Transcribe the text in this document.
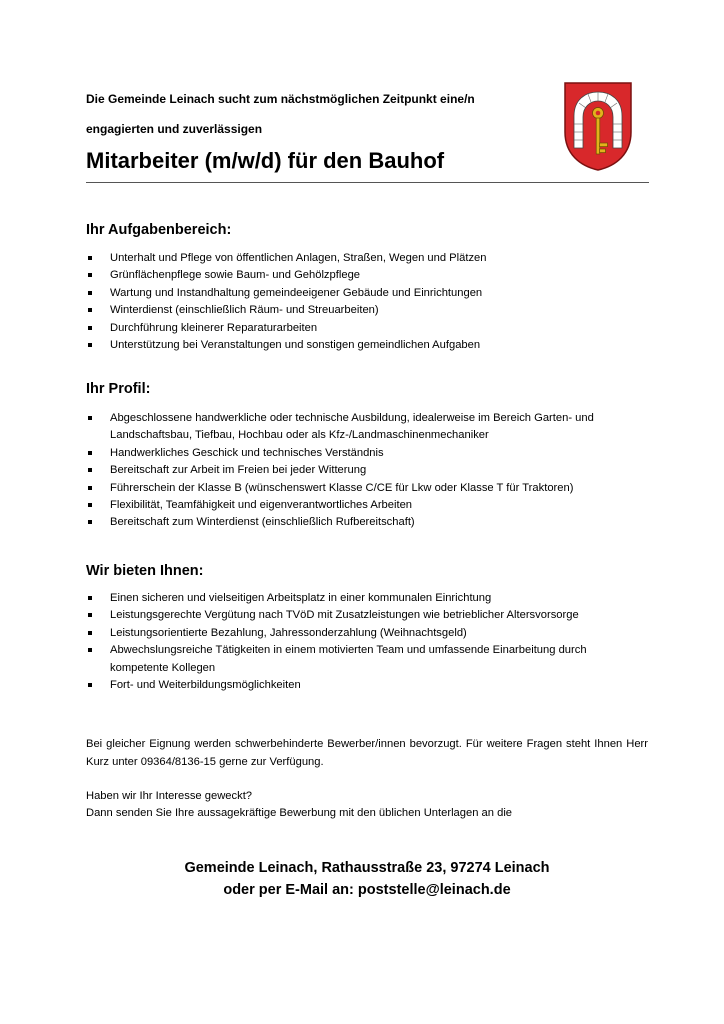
Die Gemeinde Leinach sucht zum nächstmöglichen Zeitpunkt eine/n
engagierten und zuverlässigen
Mitarbeiter (m/w/d) für den Bauhof
Ihr Aufgabenbereich:
Unterhalt und Pflege von öffentlichen Anlagen, Straßen, Wegen und Plätzen
Grünflächenpflege sowie Baum- und Gehölzpflege
Wartung und Instandhaltung gemeindeeigener Gebäude und Einrichtungen
Winterdienst (einschließlich Räum- und Streuarbeiten)
Durchführung kleinerer Reparaturarbeiten
Unterstützung bei Veranstaltungen und sonstigen gemeindlichen Aufgaben
Ihr Profil:
Abgeschlossene handwerkliche oder technische Ausbildung, idealerweise im Bereich Garten- und Landschaftsbau, Tiefbau, Hochbau oder als Kfz-/Landmaschinenmechaniker
Handwerkliches Geschick und technisches Verständnis
Bereitschaft zur Arbeit im Freien bei jeder Witterung
Führerschein der Klasse B (wünschenswert Klasse C/CE für Lkw oder Klasse T für Traktoren)
Flexibilität, Teamfähigkeit und eigenverantwortliches Arbeiten
Bereitschaft zum Winterdienst (einschließlich Rufbereitschaft)
Wir bieten Ihnen:
Einen sicheren und vielseitigen Arbeitsplatz in einer kommunalen Einrichtung
Leistungsgerechte Vergütung nach TVöD mit Zusatzleistungen wie betrieblicher Altersvorsorge
Leistungsorientierte Bezahlung, Jahressonderzahlung (Weihnachtsgeld)
Abwechslungsreiche Tätigkeiten in einem motivierten Team und umfassende Einarbeitung durch kompetente Kollegen
Fort- und Weiterbildungsmöglichkeiten
Bei gleicher Eignung werden schwerbehinderte Bewerber/innen bevorzugt. Für weitere Fragen steht Ihnen Herr Kurz unter 09364/8136-15 gerne zur Verfügung.
Haben wir Ihr Interesse geweckt?
Dann senden Sie Ihre aussagekräftige Bewerbung mit den üblichen Unterlagen an die
Gemeinde Leinach, Rathausstraße 23, 97274 Leinach
oder per E-Mail an: poststelle@leinach.de
